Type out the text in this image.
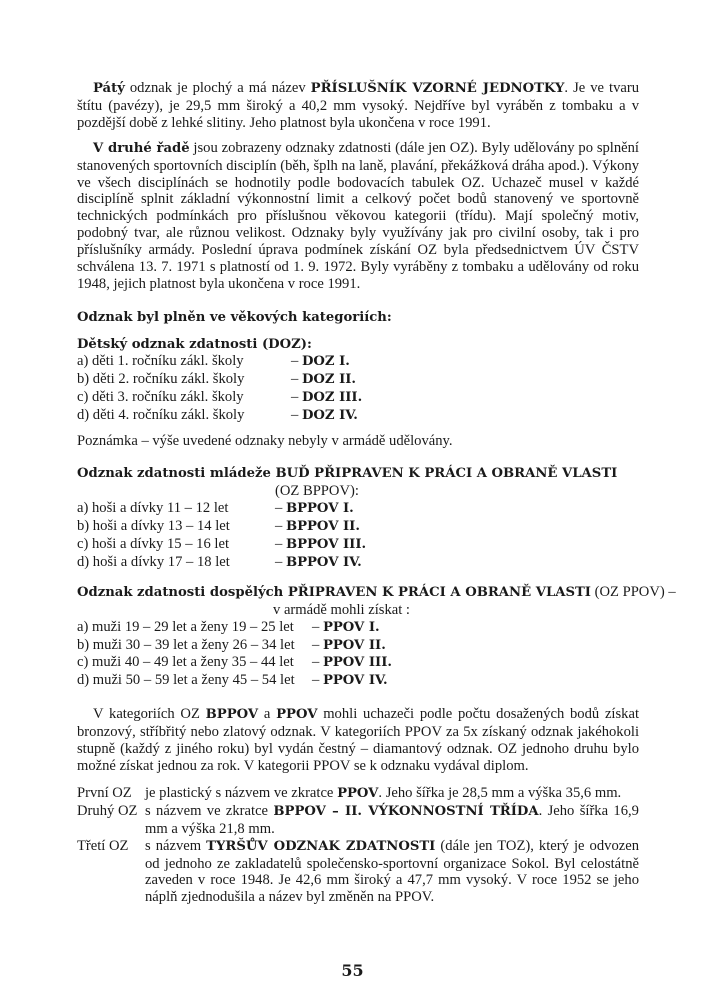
Pátý odznak je plochý a má název PŘÍSLUŠNÍK VZORNÉ JEDNOTKY. Je ve tvaru štítu (pavézy), je 29,5 mm široký a 40,2 mm vysoký. Nejdříve byl vyráběn z tombaku a v pozdější době z lehké slitiny. Jeho platnost byla ukončena v roce 1991.

V druhé řadě jsou zobrazeny odznaky zdatnosti (dále jen OZ). Byly udělovány po splnění stanovených sportovních disciplín (běh, šplh na laně, plavání, překážková dráha apod.). Výkony ve všech disciplínách se hodnotily podle bodovacích tabulek OZ. Uchazeč musel v každé disciplíně splnit základní výkonnostní limit a celkový počet bodů stanovený ve sportovně technických podmínkách pro příslušnou věkovou kategorii (třídu). Mají společný motiv, podobný tvar, ale různou velikost. Odznaky byly využívány jak pro civilní osoby, tak i pro příslušníky armády. Poslední úprava podmínek získání OZ byla předsednictvem ÚV ČSTV schválena 13. 7. 1971 s platností od 1. 9. 1972. Byly vyráběny z tombaku a udělovány od roku 1948, jejich platnost byla ukončena v roce 1991.

Odznak byl plněn ve věkových kategoriích:
Dětský odznak zdatnosti (DOZ):
a) děti 1. ročníku zákl. školy	– DOZ I.
b) děti 2. ročníku zákl. školy	– DOZ II.
c) děti 3. ročníku zákl. školy	– DOZ III.
d) děti 4. ročníku zákl. školy	– DOZ IV.

Poznámka – výše uvedené odznaky nebyly v armádě udělovány.

Odznak zdatnosti mládeže BUĎ PŘIPRAVEN K PRÁCI A OBRANĚ VLASTI
(OZ BPPOV):
a) hoši a dívky 11 – 12 let	– BPPOV I.
b) hoši a dívky 13 – 14 let	– BPPOV II.
c) hoši a dívky 15 – 16 let	– BPPOV III.
d) hoši a dívky 17 – 18 let	– BPPOV IV.
Odznak zdatnosti dospělých PŘIPRAVEN K PRÁCI A OBRANĚ VLASTI (OZ PPOV) –
v armádě mohli získat :
a) muži 19 – 29 let a ženy 19 – 25 let	– PPOV I.
b) muži 30 – 39 let a ženy 26 – 34 let	– PPOV II.
c) muži 40 – 49 let a ženy 35 – 44 let	– PPOV III.
d) muži 50 – 59 let a ženy 45 – 54 let	– PPOV IV.

V kategoriích OZ BPPOV a PPOV mohli uchazeči podle počtu dosažených bodů získat bronzový, stříbřitý nebo zlatový odznak. V kategoriích PPOV za 5x získaný odznak jakéhokoli stupně (každý z jiného roku) byl vydán čestný – diamantový odznak. OZ jednoho druhu bylo možné získat jednou za rok. V kategorii PPOV se k odznaku vydával diplom.

První OZ je plastický s názvem ve zkratce PPOV. Jeho šířka je 28,5 mm a výška 35,6 mm.

Druhý OZ s názvem ve zkratce BPPOV – II. VÝKONNOSTNÍ TŘÍDA. Jeho šířka 16,9 mm a výška 21,8 mm.

Třetí OZ	s názvem TYRŠŮV ODZNAK ZDATNOSTI (dále jen TOZ), který je odvozen od jednoho ze zakladatelů společensko-sportovní organizace Sokol. Byl celostátně zaveden v roce 1948. Je 42,6 mm široký a 47,7 mm vysoký. V roce 1952 se jeho náplň zjednodušila a název byl změněn na PPOV.

55
